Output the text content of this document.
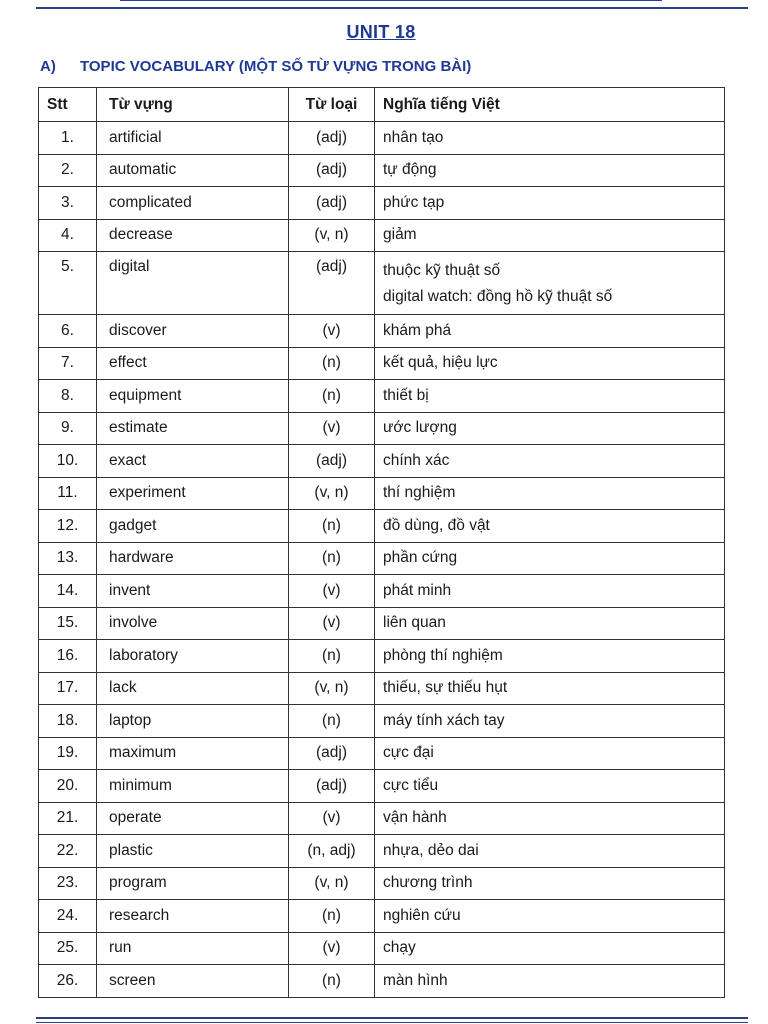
UNIT 18
A) TOPIC VOCABULARY (MỘT SỐ TỪ VỰNG TRONG BÀI)
Stt	Từ vựng	Từ loại	Nghĩa tiếng Việt
1.	artificial	(adj)	nhân tạo

2.	automatic	(adj)	tự động

3.	complicated	(adj)	phức tạp

4.	decrease	(v, n)	giảm

5.	digital	(adj)	thuộc kỹ thuật số
digital watch: đồng hồ kỹ thuật số

6.	discover	(v)	khám phá

7.	effect	(n)	kết quả, hiệu lực

8.	equipment	(n)	thiết bị

9.	estimate	(v)	ước lượng

10.	exact	(adj)	chính xác

11.	experiment	(v, n)	thí nghiệm

12.	gadget	(n)	đồ dùng, đồ vật

13.	hardware	(n)	phần cứng

14.	invent	(v)	phát minh

15.	involve	(v)	liên quan

16.	laboratory	(n)	phòng thí nghiệm

17.	lack	(v, n)	thiếu, sự thiếu hụt

18.	laptop	(n)	máy tính xách tay

19.	maximum	(adj)	cực đại

20.	minimum	(adj)	cực tiểu

21.	operate	(v)	vận hành

22.	plastic	(n, adj)	nhựa, dẻo dai

23.	program	(v, n)	chương trình

24.	research	(n)	nghiên cứu

25.	run	(v)	chạy

26.	screen	(n)	màn hình
